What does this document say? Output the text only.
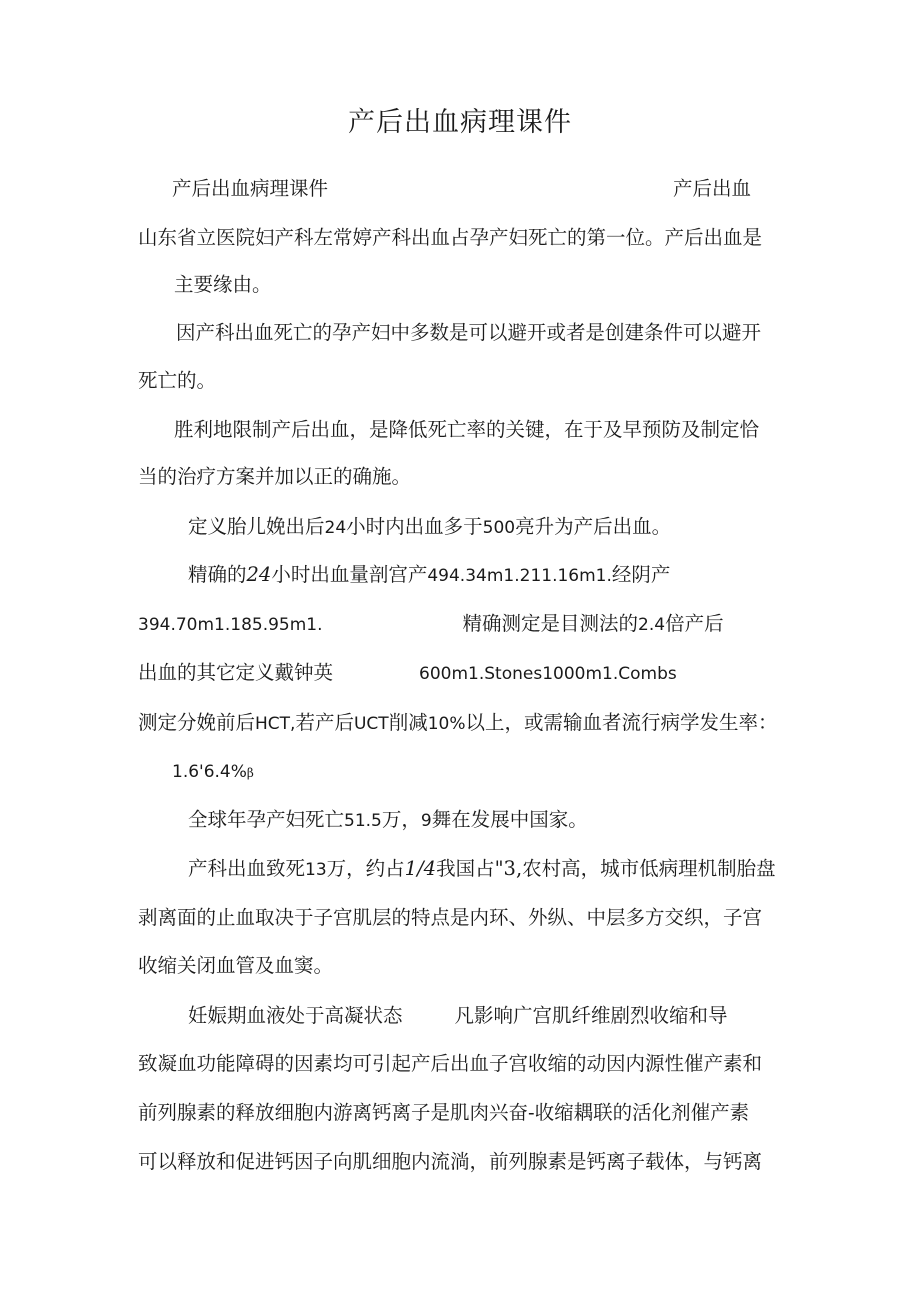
产后出血病理课件
产后出血病理课件	产后出血
山东省立医院妇产科左常婷产科出血占孕产妇死亡的第一位。产后出血是
主要缘由。
因产科出血死亡的孕产妇中多数是可以避开或者是创建条件可以避开
死亡的。
胜利地限制产后出血，是降低死亡率的关键，在于及早预防及制定恰
当的治疗方案并加以正的确施。
定义胎儿娩出后24小时内出血多于500亮升为产后出血。
精确的24小时出血量剖宫产494.34m1.211.16m1.经阴产
394.70m1.185.95m1.	精确测定是目测法的2.4倍产后
出血的其它定义戴钟英	600m1.Stones1000m1.Combs
测定分娩前后HCT,若产后UCT削减10%以上，或需输血者流行病学发生率：
1.6'6.4%β
全球年孕产妇死亡51.5万，9舞在发展中国家。
产科出血致死13万，约占1/4我国占"3,农村高，城市低病理机制胎盘
剥离面的止血取决于子宫肌层的特点是内环、外纵、中层多方交织，子宫
收缩关闭血管及血窦。
妊娠期血液处于高凝状态	凡影响广宫肌纤维剧烈收缩和导
致凝血功能障碍的因素均可引起产后出血子宫收缩的动因内源性催产素和
前列腺素的释放细胞内游离钙离子是肌肉兴奋-收缩耦联的活化剂催产素
可以释放和促进钙因子向肌细胞内流淌，前列腺素是钙离子载体，与钙离
